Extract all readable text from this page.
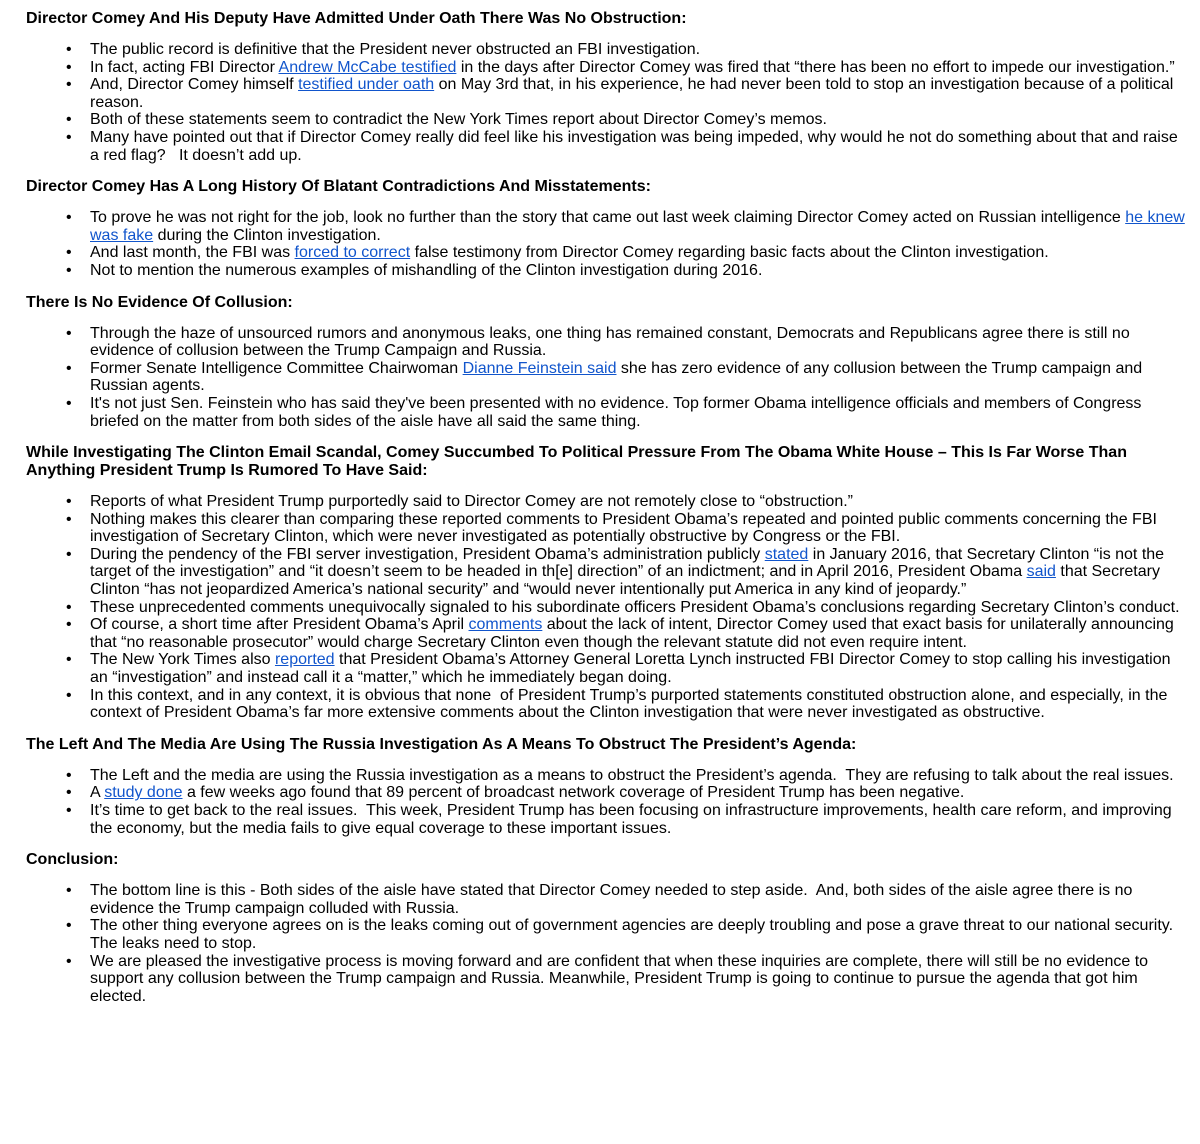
Director Comey And His Deputy Have Admitted Under Oath There Was No Obstruction:
• The public record is definitive that the President never obstructed an FBI investigation.
• In fact, acting FBI Director Andrew McCabe testified in the days after Director Comey was fired that “there has been no effort to impede our investigation.”
• And, Director Comey himself testified under oath on May 3rd that, in his experience, he had never been told to stop an investigation because of a political reason.
• Both of these statements seem to contradict the New York Times report about Director Comey’s memos.
• Many have pointed out that if Director Comey really did feel like his investigation was being impeded, why would he not do something about that and raise a red flag?   It doesn’t add up.
Director Comey Has A Long History Of Blatant Contradictions And Misstatements:
• To prove he was not right for the job, look no further than the story that came out last week claiming Director Comey acted on Russian intelligence he knew was fake during the Clinton investigation.
• And last month, the FBI was forced to correct false testimony from Director Comey regarding basic facts about the Clinton investigation.
• Not to mention the numerous examples of mishandling of the Clinton investigation during 2016.
There Is No Evidence Of Collusion:
• Through the haze of unsourced rumors and anonymous leaks, one thing has remained constant, Democrats and Republicans agree there is still no evidence of collusion between the Trump Campaign and Russia.
• Former Senate Intelligence Committee Chairwoman Dianne Feinstein said she has zero evidence of any collusion between the Trump campaign and Russian agents.
• It's not just Sen. Feinstein who has said they've been presented with no evidence. Top former Obama intelligence officials and members of Congress briefed on the matter from both sides of the aisle have all said the same thing.
While Investigating The Clinton Email Scandal, Comey Succumbed To Political Pressure From The Obama White House – This Is Far Worse Than Anything President Trump Is Rumored To Have Said:
• Reports of what President Trump purportedly said to Director Comey are not remotely close to “obstruction.”
• Nothing makes this clearer than comparing these reported comments to President Obama’s repeated and pointed public comments concerning the FBI investigation of Secretary Clinton, which were never investigated as potentially obstructive by Congress or the FBI.
• During the pendency of the FBI server investigation, President Obama’s administration publicly stated in January 2016, that Secretary Clinton “is not the target of the investigation” and “it doesn’t seem to be headed in th[e] direction” of an indictment; and in April 2016, President Obama said that Secretary Clinton “has not jeopardized America’s national security” and “would never intentionally put America in any kind of jeopardy.”
• These unprecedented comments unequivocally signaled to his subordinate officers President Obama’s conclusions regarding Secretary Clinton’s conduct.
• Of course, a short time after President Obama’s April comments about the lack of intent, Director Comey used that exact basis for unilaterally announcing that “no reasonable prosecutor” would charge Secretary Clinton even though the relevant statute did not even require intent.
• The New York Times also reported that President Obama’s Attorney General Loretta Lynch instructed FBI Director Comey to stop calling his investigation an “investigation” and instead call it a “matter,” which he immediately began doing.
• In this context, and in any context, it is obvious that none  of President Trump’s purported statements constituted obstruction alone, and especially, in the context of President Obama’s far more extensive comments about the Clinton investigation that were never investigated as obstructive.
The Left And The Media Are Using The Russia Investigation As A Means To Obstruct The President’s Agenda:
• The Left and the media are using the Russia investigation as a means to obstruct the President’s agenda.  They are refusing to talk about the real issues.
• A study done a few weeks ago found that 89 percent of broadcast network coverage of President Trump has been negative.
• It’s time to get back to the real issues.  This week, President Trump has been focusing on infrastructure improvements, health care reform, and improving the economy, but the media fails to give equal coverage to these important issues.
Conclusion:
• The bottom line is this - Both sides of the aisle have stated that Director Comey needed to step aside.  And, both sides of the aisle agree there is no evidence the Trump campaign colluded with Russia.
• The other thing everyone agrees on is the leaks coming out of government agencies are deeply troubling and pose a grave threat to our national security. The leaks need to stop.
• We are pleased the investigative process is moving forward and are confident that when these inquiries are complete, there will still be no evidence to support any collusion between the Trump campaign and Russia. Meanwhile, President Trump is going to continue to pursue the agenda that got him elected.
